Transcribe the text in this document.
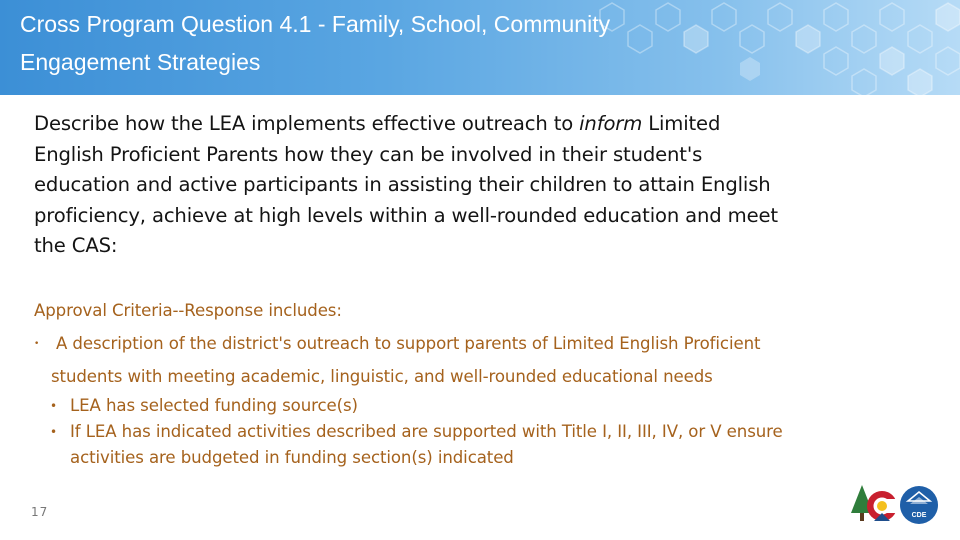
Cross Program Question 4.1 - Family, School, Community
Engagement Strategies
Describe how the LEA implements effective outreach to inform Limited
English Proficient Parents how they can be involved in their student's
education and active participants in assisting their children to attain English
proficiency, achieve at high levels within a well-rounded education and meet
the CAS:
Approval Criteria--Response includes:
•	A description of the district's outreach to support parents of Limited English Proficient
students with meeting academic, linguistic, and well-rounded educational needs
• LEA has selected funding source(s)
• If LEA has indicated activities described are supported with Title I, II, III, IV, or V ensure
activities are budgeted in funding section(s) indicated
17	CDE
